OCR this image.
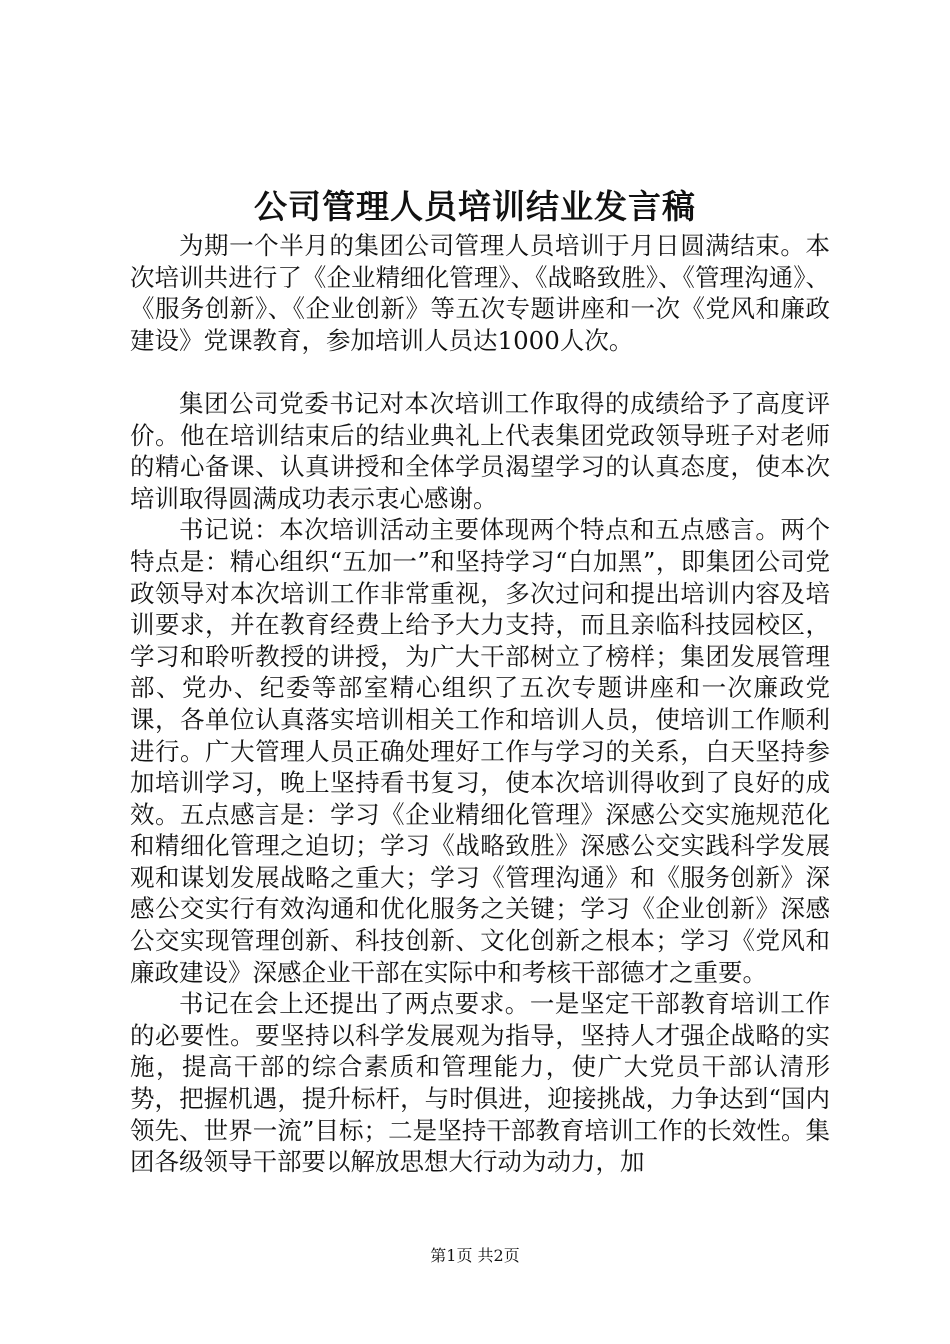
公司管理人员培训结业发言稿

为期一个半月的集团公司管理人员培训于月日圆满结束。本次培训共进行了《企业精细化管理》、《战略致胜》、《管理沟通》、《服务创新》、《企业创新》等五次专题讲座和一次《党风和廉政建设》党课教育，参加培训人员达1000人次。

集团公司党委书记对本次培训工作取得的成绩给予了高度评价。他在培训结束后的结业典礼上代表集团党政领导班子对老师的精心备课、认真讲授和全体学员渴望学习的认真态度，使本次培训取得圆满成功表示衷心感谢。

书记说：本次培训活动主要体现两个特点和五点感言。两个特点是：精心组织“五加一”和坚持学习“白加黑”，即集团公司党政领导对本次培训工作非常重视，多次过问和提出培训内容及培训要求，并在教育经费上给予大力支持，而且亲临科技园校区，学习和聆听教授的讲授，为广大干部树立了榜样；集团发展管理部、党办、纪委等部室精心组织了五次专题讲座和一次廉政党课，各单位认真落实培训相关工作和培训人员，使培训工作顺利进行。广大管理人员正确处理好工作与学习的关系，白天坚持参加培训学习，晚上坚持看书复习，使本次培训得收到了良好的成效。五点感言是：学习《企业精细化管理》深感公交实施规范化和精细化管理之迫切；学习《战略致胜》深感公交实践科学发展观和谋划发展战略之重大；学习《管理沟通》和《服务创新》深感公交实行有效沟通和优化服务之关键；学习《企业创新》深感公交实现管理创新、科技创新、文化创新之根本；学习《党风和廉政建设》深感企业干部在实际中和考核干部德才之重要。

书记在会上还提出了两点要求。一是坚定干部教育培训工作的必要性。要坚持以科学发展观为指导，坚持人才强企战略的实施，提高干部的综合素质和管理能力，使广大党员干部认清形势，把握机遇，提升标杆，与时俱进，迎接挑战，力争达到“国内领先、世界一流”目标；二是坚持干部教育培训工作的长效性。集团各级领导干部要以解放思想大行动为动力，加

第1页 共2页
